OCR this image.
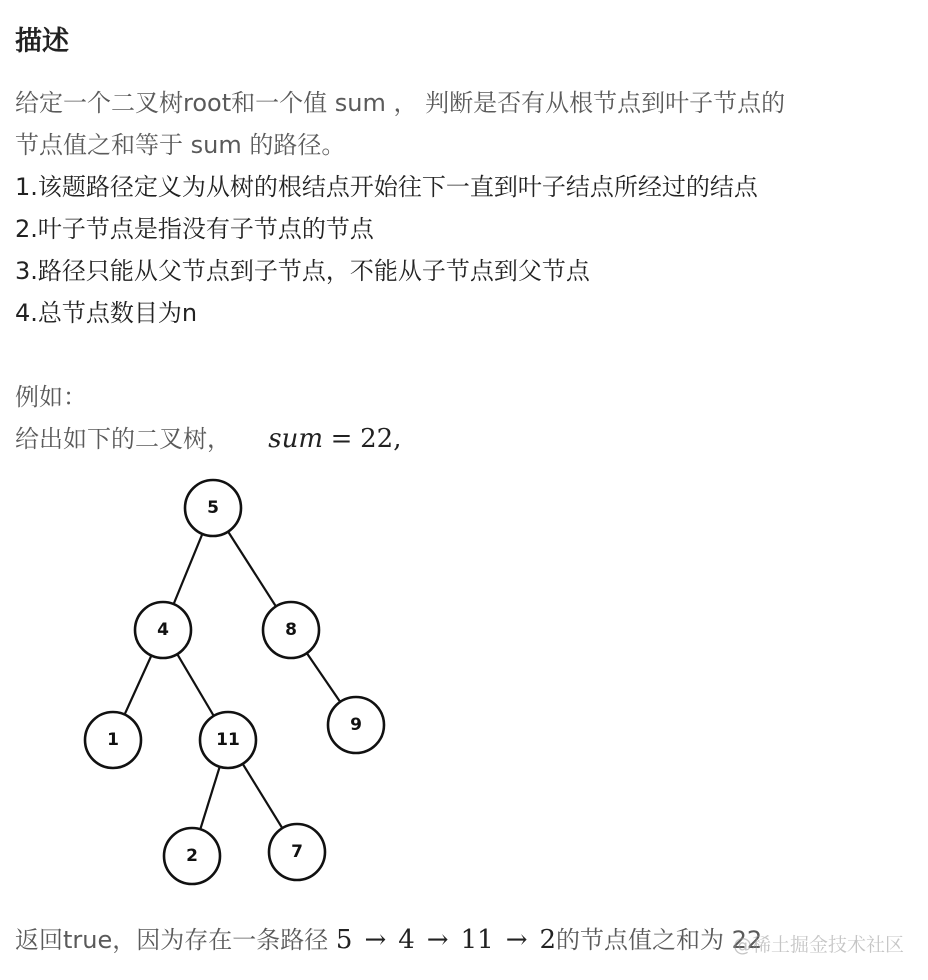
描述
给定一个二叉树root和一个值 sum ， 判断是否有从根节点到叶子节点的
节点值之和等于 sum 的路径。
1.该题路径定义为从树的根结点开始往下一直到叶子结点所经过的结点
2.叶子节点是指没有子节点的节点
3.路径只能从父节点到子节点，不能从子节点到父节点
4.总节点数目为n
例如：
给出如下的二叉树， sum = 22,
5
4	8
1	11
9
2	7
返回true，因为存在一条路径 5 → 4 → 11 → 2的节点值之和为 22
@稀土掘金技术社区
